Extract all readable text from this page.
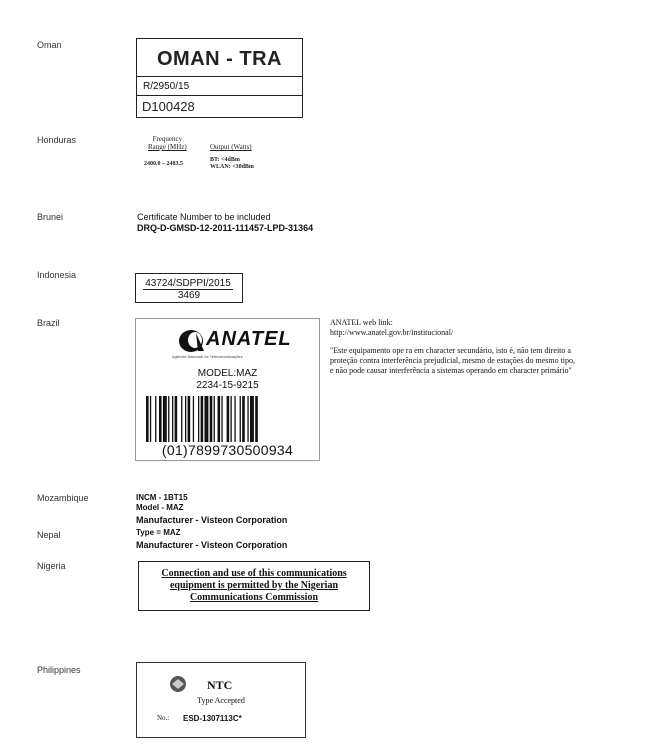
Oman
Honduras
Brunei
Indonesia
Brazil
Mozambique
Nepal
Nigeria
Philippines
OMAN - TRA
R/2950/15
D100428
Frequency
Range (MHz)	Output (Watts)
2400.0 – 2483.5
BT: <4dBm
WLAN: <30dBm
Certificate Number to be included
DRQ-D-GMSD-12-2011-111457-LPD-31364
43724/SDPPI/2015
3469
ANATEL
Agência Nacional de Telecomunicações
MODEL:MAZ
2234-15-9215
(01)7899730500934
ANATEL web link:
http://www.anatel.gov.br/institucional/
"Este equipamento ope ra em character secundário, isto é, não tem direito a
proteção contra interferência prejudicial, mesmo de estações do mesmo tipo,
e não pode causar interferência a sistemas operando em character primário"
INCM - 1BT15
Model - MAZ
Manufacturer - Visteon Corporation
Type = MAZ
Manufacturer - Visteon Corporation
Connection and use of this communications
equipment is permitted by the Nigerian
Communications Commission
NTC
Type Accepted
No.: ESD-1307113C*
